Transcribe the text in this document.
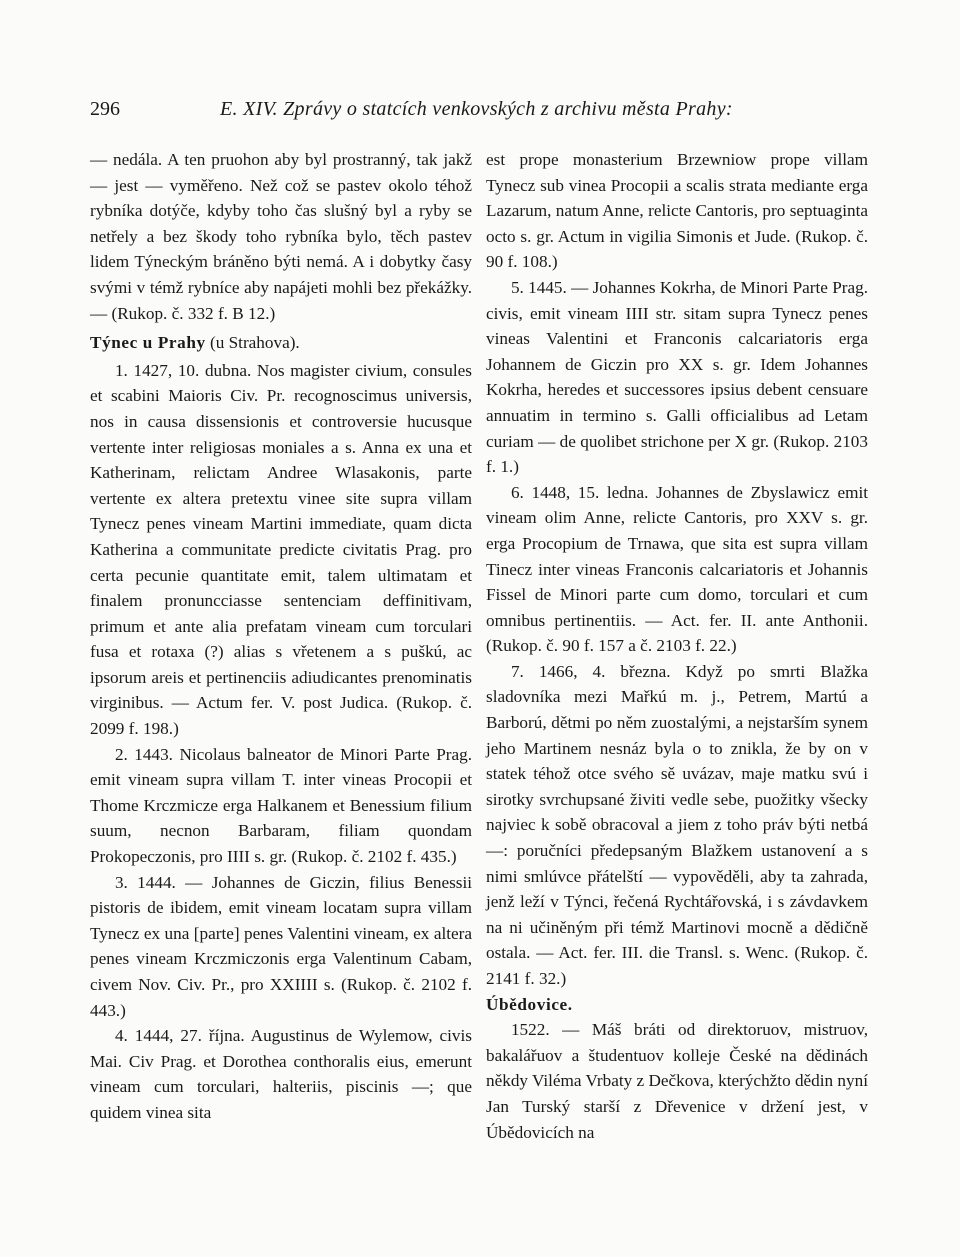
296	E. XIV. Zprávy o statcích venkovských z archivu města Prahy:

— nedála. A ten pruohon aby byl prostranný, tak jakž — jest — vyměřeno. Než což se pastev okolo téhož rybníka dotýče, kdyby toho čas slušný byl a ryby se netřely a bez škody toho rybníka bylo, těch pastev lidem Týneckým bráněno býti nemá. A i dobytky časy svými v témž rybníce aby napájeti mohli bez překážky. — (Rukop. č. 332 f. B 12.)

Týnec u Prahy (u Strahova).

1. 1427, 10. dubna. Nos magister civium, consules et scabini Maioris Civ. Pr. recognoscimus universis, nos in causa dissensionis et controversie hucusque vertente inter religiosas moniales a s. Anna ex una et Katherinam, relictam Andree Wlasakonis, parte vertente ex altera pretextu vinee site supra villam Tynecz penes vineam Martini immediate, quam dicta Katherina a communitate predicte civitatis Prag. pro certa pecunie quantitate emit, talem ultimatam et finalem pronuncciasse sentenciam deffinitivam, primum et ante alia prefatam vineam cum torculari fusa et rotaxa (?) alias s vřetenem a s puškú, ac ipsorum areis et pertinenciis adiudicantes prenominatis virginibus. — Actum fer. V. post Judica. (Rukop. č. 2099 f. 198.)

2. 1443. Nicolaus balneator de Minori Parte Prag. emit vineam supra villam T. inter vineas Procopii et Thome Krczmicze erga Halkanem et Benessium filium suum, necnon Barbaram, filiam quondam Prokopeczonis, pro IIII s. gr. (Rukop. č. 2102 f. 435.)

3. 1444. — Johannes de Giczin, filius Benessii pistoris de ibidem, emit vineam locatam supra villam Tynecz ex una [parte] penes Valentini vineam, ex altera penes vineam Krczmiczonis erga Valentinum Cabam, civem Nov. Civ. Pr., pro XXIIII s. (Rukop. č. 2102 f. 443.)

4. 1444, 27. října. Augustinus de Wylemow, civis Mai. Civ Prag. et Dorothea conthoralis eius, emerunt vineam cum torculari, halteriis, piscinis —; que quidem vinea sita

est prope monasterium Brzewniow prope villam Tynecz sub vinea Procopii a scalis strata mediante erga Lazarum, natum Anne, relicte Cantoris, pro septuaginta octo s. gr. Actum in vigilia Simonis et Jude. (Rukop. č. 90 f. 108.)

5. 1445. — Johannes Kokrha, de Minori Parte Prag. civis, emit vineam IIII str. sitam supra Tynecz penes vineas Valentini et Franconis calcariatoris erga Johannem de Giczin pro XX s. gr. Idem Johannes Kokrha, heredes et successores ipsius debent censuare annuatim in termino s. Galli officialibus ad Letam curiam — de quolibet strichone per X gr. (Rukop. 2103 f. 1.)

6. 1448, 15. ledna. Johannes de Zbyslawicz emit vineam olim Anne, relicte Cantoris, pro XXV s. gr. erga Procopium de Trnawa, que sita est supra villam Tinecz inter vineas Franconis calcariatoris et Johannis Fissel de Minori parte cum domo, torculari et cum omnibus pertinentiis. — Act. fer. II. ante Anthonii. (Rukop. č. 90 f. 157 a č. 2103 f. 22.)

7. 1466, 4. března. Když po smrti Blažka sladovníka mezi Mařkú m. j., Petrem, Martú a Barború, dětmi po něm zuostalými, a nejstarším synem jeho Martinem nesnáz byla o to znikla, že by on v statek téhož otce svého sě uvázav, maje matku svú i sirotky svrchupsané živiti vedle sebe, puožitky všecky najviec k sobě obracoval a jiem z toho práv býti netbá —: poručníci předepsaným Blažkem ustanovení a s nimi smlúvce přátelští — vypověděli, aby ta zahrada, jenž leží v Týnci, řečená Rychtářovská, i s závdavkem na ni učiněným při témž Martinovi mocně a dědičně ostala. — Act. fer. III. die Transl. s. Wenc. (Rukop. č. 2141 f. 32.)

Úbědovice.

1522. — Máš bráti od direktoruov, mistruov, bakalářuov a študentuov kolleje České na dědinách někdy Viléma Vrbaty z Dečkova, kterýchžto dědin nyní Jan Turský starší z Dřevenice v držení jest, v Úbědovicích na
